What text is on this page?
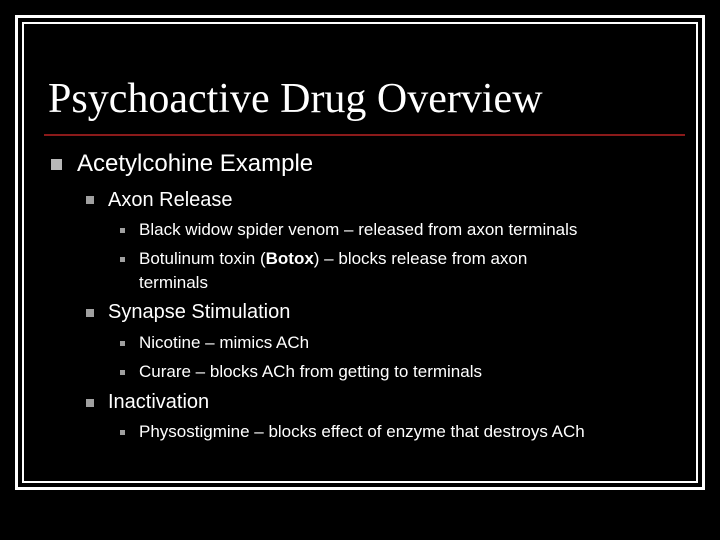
Psychoactive Drug Overview
Acetylcohine Example
Axon Release
Black widow spider venom – released from axon terminals
Botulinum toxin (Botox) – blocks release from axon
terminals
Synapse Stimulation
Nicotine – mimics ACh
Curare – blocks ACh from getting to terminals
Inactivation
Physostigmine – blocks effect of enzyme that destroys ACh
